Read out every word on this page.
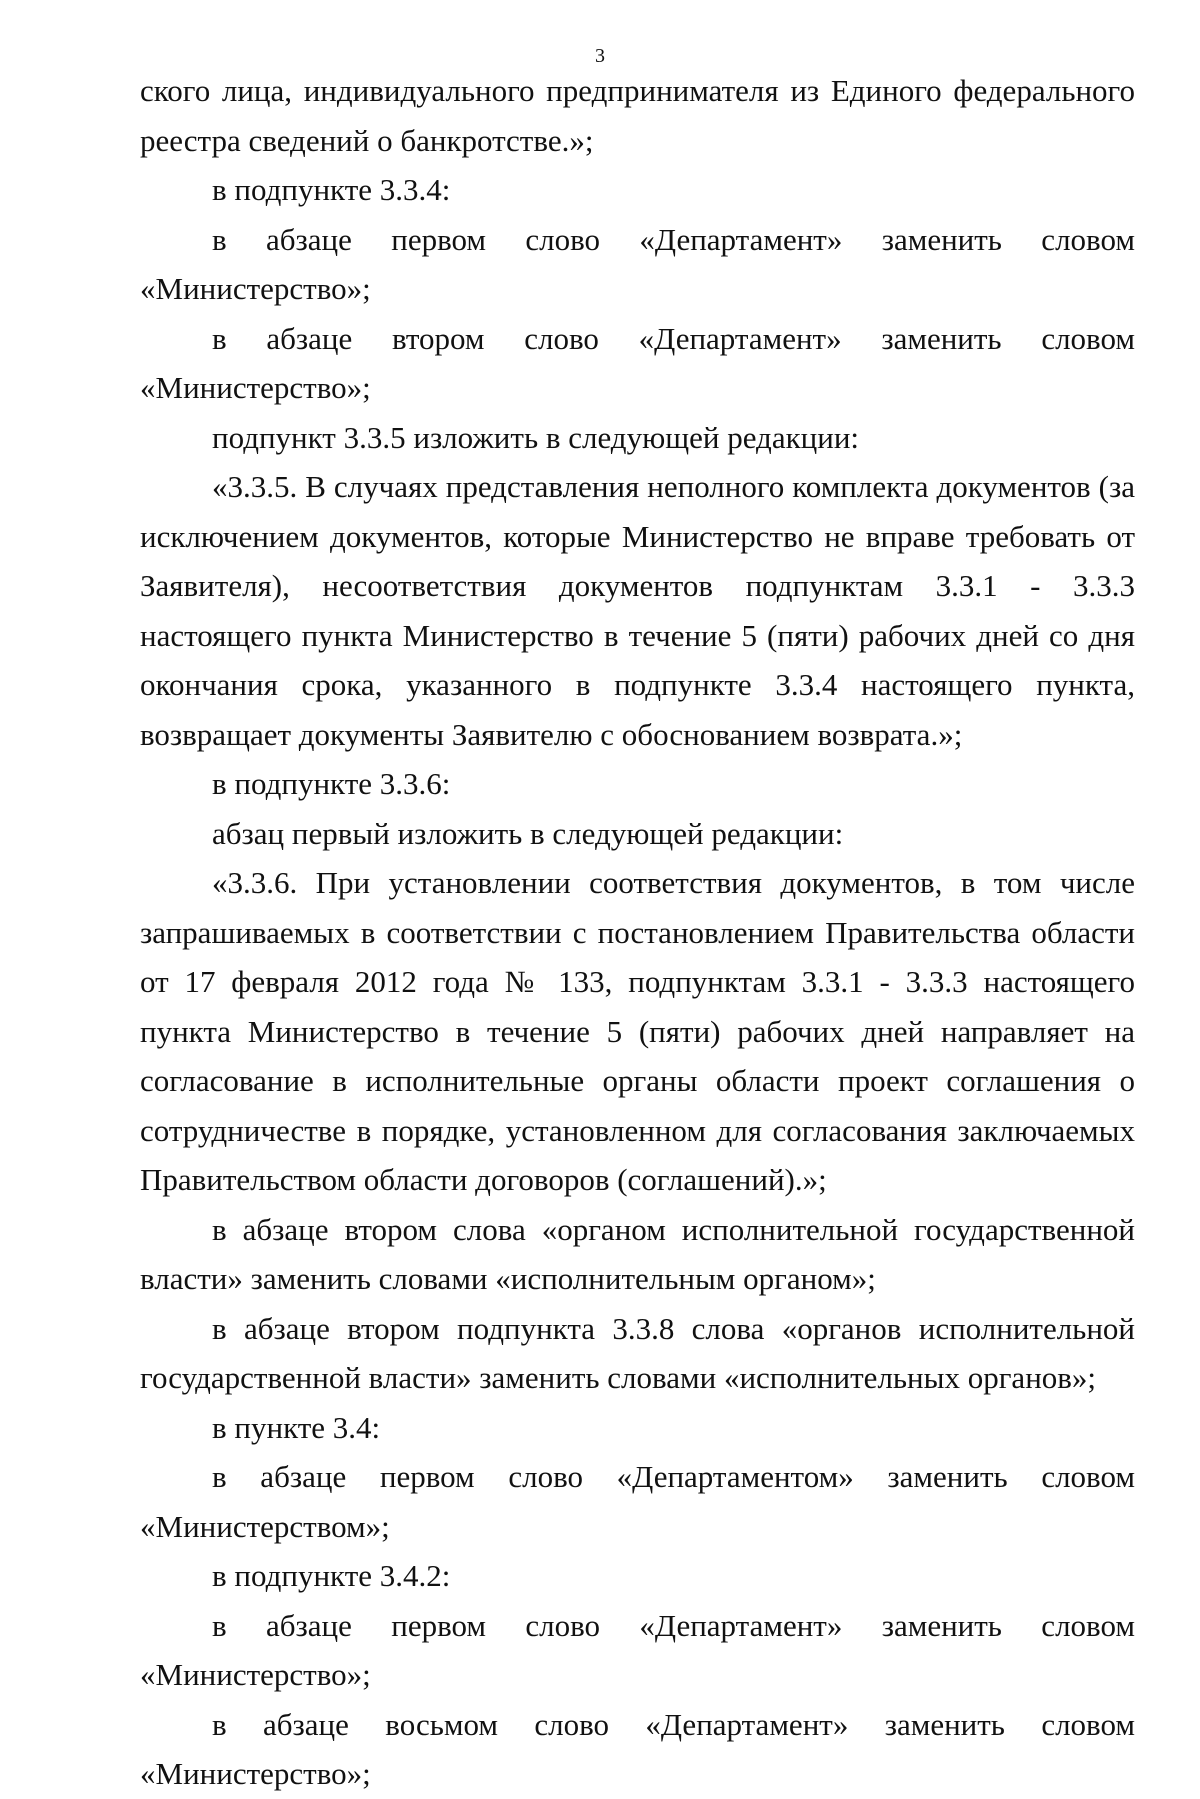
3

ского лица, индивидуального предпринимателя из Единого федерального реестра сведений о банкротстве.»;

в подпункте 3.3.4:

в абзаце первом слово «Департамент» заменить словом «Министерство»;

в абзаце втором слово «Департамент» заменить словом «Министерство»;

подпункт 3.3.5 изложить в следующей редакции:

«3.3.5. В случаях представления неполного комплекта документов (за исключением документов, которые Министерство не вправе требовать от Заявителя), несоответствия документов подпунктам 3.3.1 - 3.3.3 настоящего пункта Министерство в течение 5 (пяти) рабочих дней со дня окончания срока, указанного в подпункте 3.3.4 настоящего пункта, возвращает документы Заявителю с обоснованием возврата.»;

в подпункте 3.3.6:

абзац первый изложить в следующей редакции:

«3.3.6. При установлении соответствия документов, в том числе запрашиваемых в соответствии с постановлением Правительства области от 17 февраля 2012 года № 133, подпунктам 3.3.1 - 3.3.3 настоящего пункта Министерство в течение 5 (пяти) рабочих дней направляет на согласование в исполнительные органы области проект соглашения о сотрудничестве в порядке, установленном для согласования заключаемых Правительством области договоров (соглашений).»;

в абзаце втором слова «органом исполнительной государственной власти» заменить словами «исполнительным органом»;

в абзаце втором подпункта 3.3.8 слова «органов исполнительной государственной власти» заменить словами «исполнительных органов»;

в пункте 3.4:

в абзаце первом слово «Департаментом» заменить словом «Министерством»;

в подпункте 3.4.2:

в абзаце первом слово «Департамент» заменить словом «Министерство»;

в абзаце восьмом слово «Департамент» заменить словом «Министерство»;
